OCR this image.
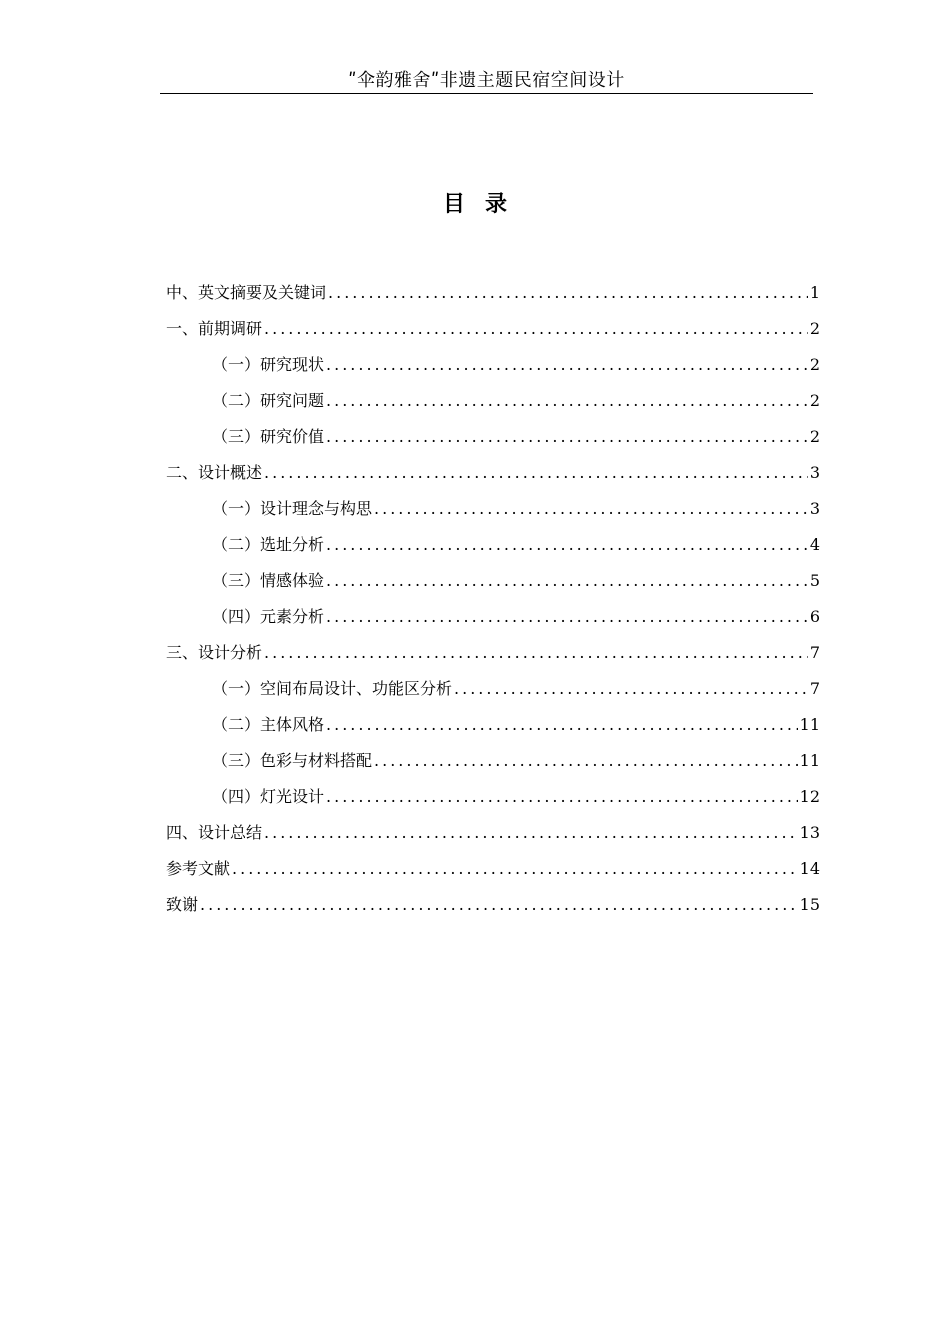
ʺ伞韵雅舍ʺ非遗主题民宿空间设计
目录
中、英文摘要及关键词 .....	1
一、前期调研 .....	2
（一）研究现状 .....	2
（二）研究问题 .....	2
（三）研究价值 .....	2
二、设计概述 .....	3
（一）设计理念与构思 .....	3
（二）选址分析 .....	4
（三）情感体验 .....	5
（四）元素分析 .....	6
三、设计分析 .....	7
（一）空间布局设计、功能区分析 .....	7
（二）主体风格 .....	11
（三）色彩与材料搭配 .....	11
（四）灯光设计 .....	12
四、设计总结 .....	13
参考文献 .....	14
致谢 .....	15
